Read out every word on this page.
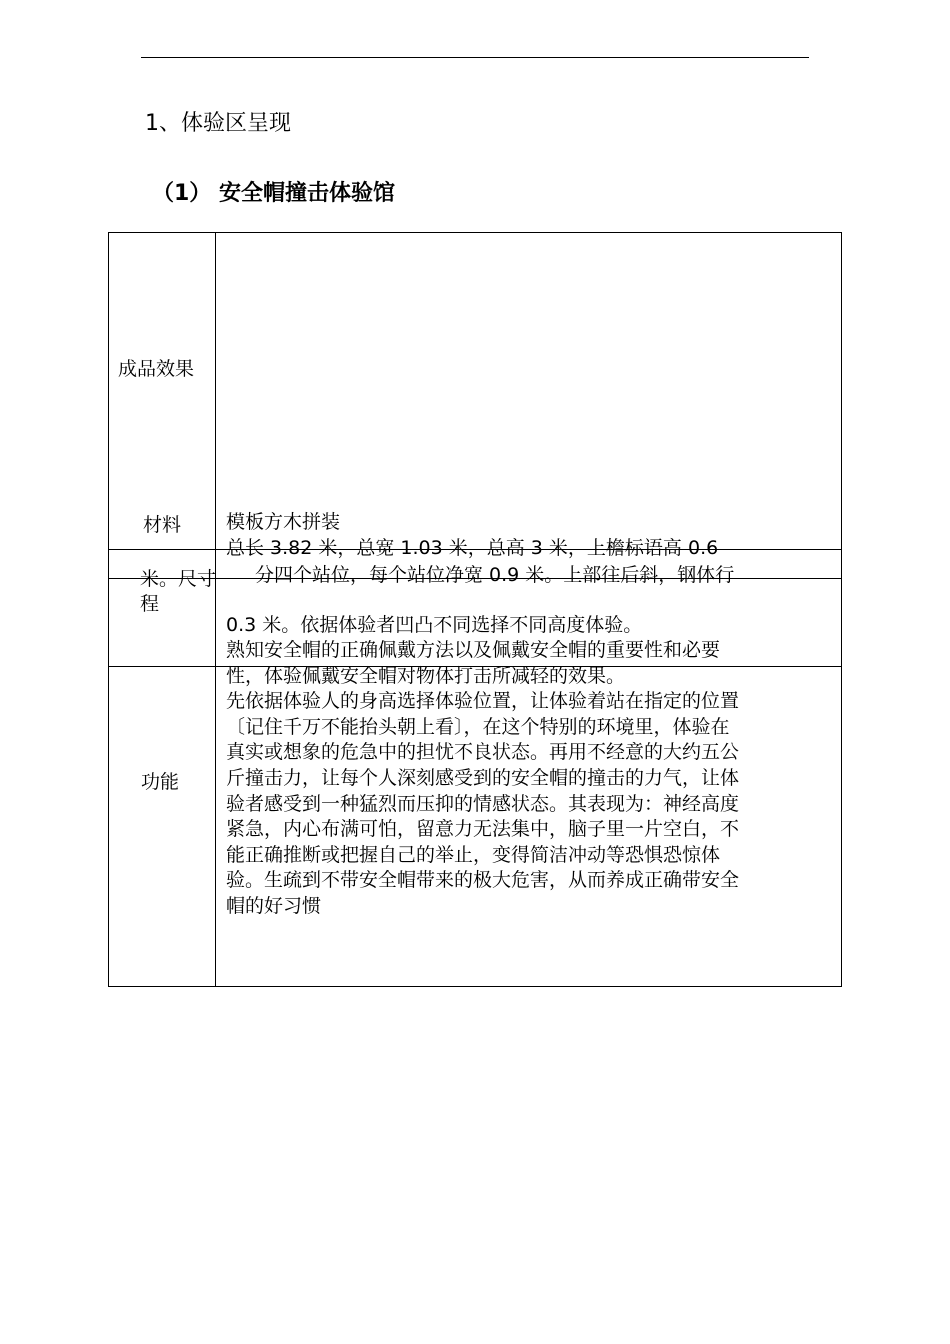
1、体验区呈现
（1） 安全帽撞击体验馆
成品效果
材料 模板方木拼装
米。尺寸
程
总长 3.82 米，总宽 1.03 米，总高 3 米，上檐标语高 0.6
分四个站位，每个站位净宽 0.9 米。上部往后斜，钢体行
0.3 米。依据体验者凹凸不同选择不同高度体验。
功能
熟知安全帽的正确佩戴方法以及佩戴安全帽的重要性和必要
性，体验佩戴安全帽对物体打击所减轻的效果。
先依据体验人的身高选择体验位置，让体验着站在指定的位置
〔记住千万不能抬头朝上看〕，在这个特别的环境里，体验在
真实或想象的危急中的担忧不良状态。再用不经意的大约五公
斤撞击力，让每个人深刻感受到的安全帽的撞击的力气，让体
验者感受到一种猛烈而压抑的情感状态。其表现为：神经高度
紧急，内心布满可怕，留意力无法集中，脑子里一片空白，不
能正确推断或把握自己的举止，变得简洁冲动等恐惧恐惊体
验。生疏到不带安全帽带来的极大危害，从而养成正确带安全
帽的好习惯
